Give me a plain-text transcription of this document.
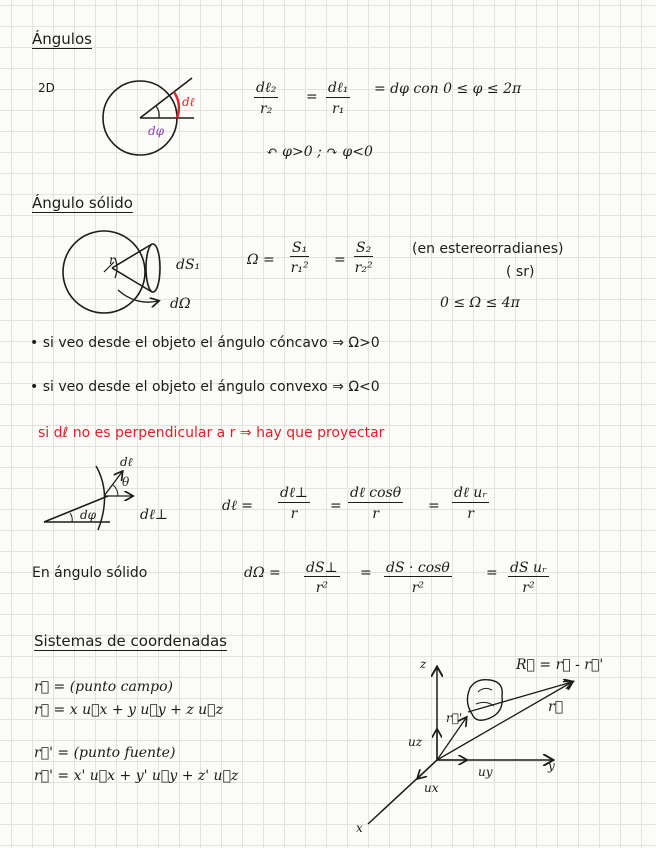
Ángulos
2D
dℓ
dφ
dℓ₂
r₂
=
dℓ₁
r₁
= dφ con 0 ≤ φ ≤ 2π
↶ φ>0 ; ↷ φ<0
Ángulo sólido
r	dS₁
dΩ
$\Omega = \frac{\text{S₁}}{\text{r₁²}} = \frac{\text{S₂}}{\text{r₂²}}$	(en estereorradianes)
( sr)
0 ≤ Ω ≤ 4π
• si veo desde el objeto el ángulo cóncavo ⇒ Ω>0
• si veo desde el objeto el ángulo convexo ⇒ Ω<0
si dℓ no es perpendicular a r ⇒ hay que proyectar
dℓ
θ
dℓ⊥
dφ
dℓ =
dℓ⊥
r	=
dℓ cosθ
r	=
dℓ uᵣ
r
En ángulo sólido	$d\Omega = \frac{dS\perp}{\text{r²}} = \frac{dS \cdot \cos\theta}{\text{r²}} = \frac{\text{dS uᵣ}}{\text{r²}}$
Sistemas de coordenadas
r⃗ = (punto campo)
r⃗ = x u⃗x + y u⃗y + z u⃗z
r⃗' = (punto fuente)
r⃗' = x' u⃗x + y' u⃗y + z' u⃗z
z
y
x
R⃗ = r⃗ - r⃗'
r⃗
r⃗'
uz
uy
ux
